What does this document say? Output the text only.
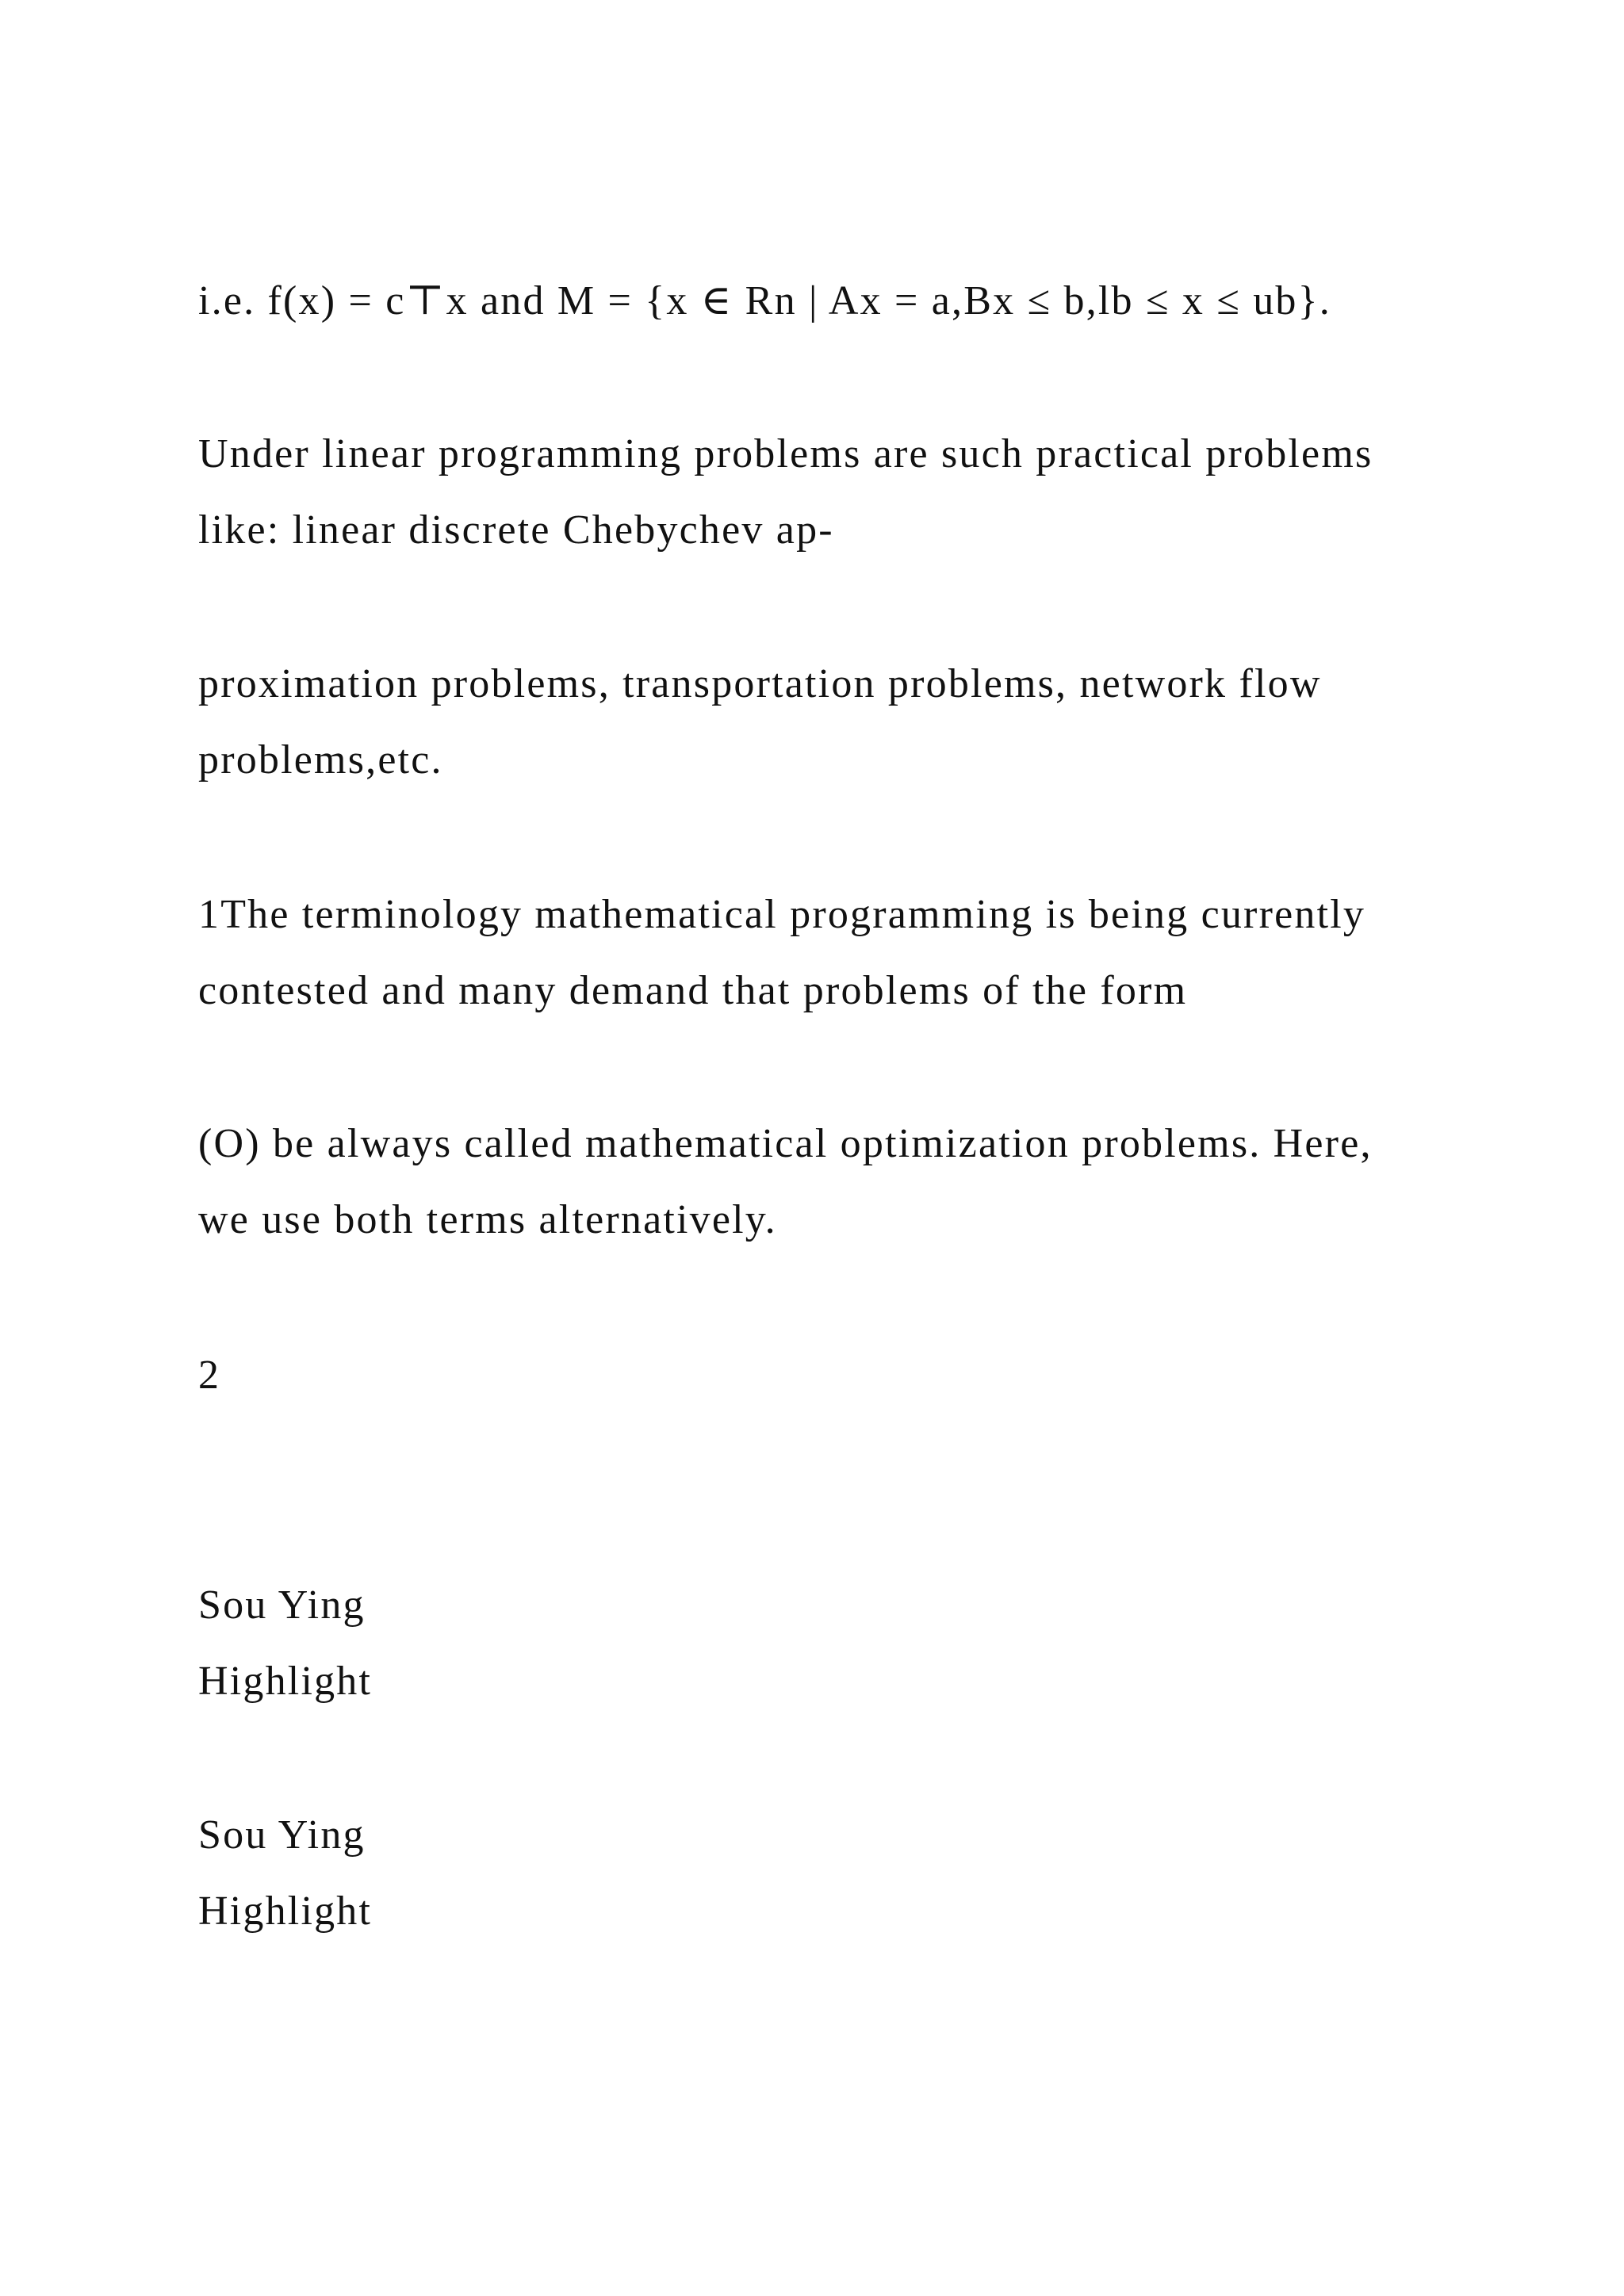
i.e. f(x) = c⊤x and M = {x ∈ Rn | Ax = a,Bx ≤ b,lb ≤ x ≤ ub}.

Under linear programming problems are such practical problems

like: linear discrete Chebychev ap-

proximation problems, transportation problems, network flow

problems,etc.

1The terminology mathematical programming is being currently

contested and many demand that problems of the form

(O) be always called mathematical optimization problems. Here,

we use both terms alternatively.

2

Sou Ying

Highlight

Sou Ying

Highlight
